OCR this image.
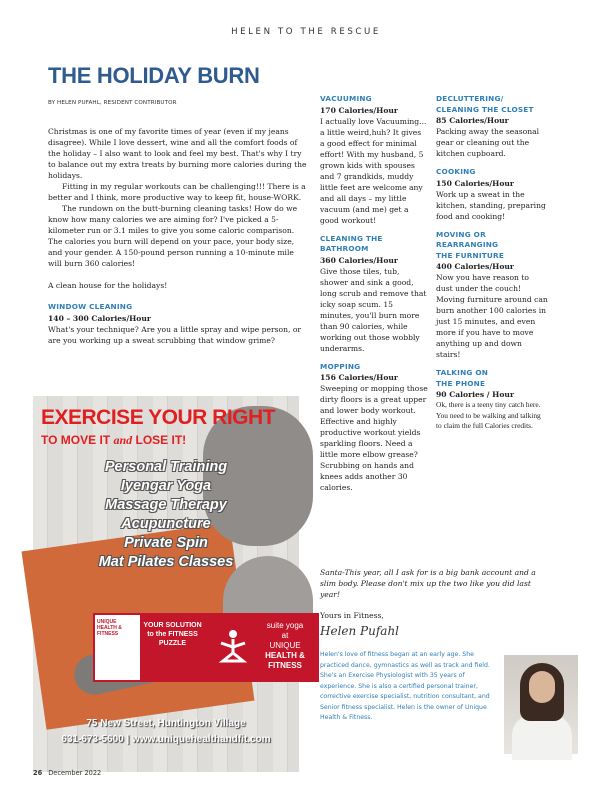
HELEN TO THE RESCUE
THE HOLIDAY BURN
BY HELEN PUFAHL, RESIDENT CONTRIBUTOR

Christmas is one of my favorite times of year (even if my jeans disagree). While I love dessert, wine and all the comfort foods of the holiday – I also want to look and feel my best. That's why I try to balance out my extra treats by burning more calories during the holidays.

Fitting in my regular workouts can be challenging!!! There is a better and I think, more productive way to keep fit, house-WORK.

The rundown on the butt-burning cleaning tasks! How do we know how many calories we are aiming for? I've picked a 5-kilometer run or 3.1 miles to give you some caloric comparison. The calories you burn will depend on your pace, your body size, and your gender. A 150-pound person running a 10-minute mile will burn 360 calories!

A clean house for the holidays!

WINDOW CLEANING
140 – 300 Calories/Hour

What's your technique? Are you a little spray and wipe person, or are you working up a sweat scrubbing that window grime?

VACUUMING
170 Calories/Hour

I actually love Vacuuming... a little weird,huh? It gives a good effect for minimal effort! With my husband, 5 grown kids with spouses and 7 grandkids, muddy little feet are welcome any and all days – my little vacuum (and me) get a good workout!

CLEANING THE
BATHROOM
360 Calories/Hour

Give those tiles, tub, shower and sink a good, long scrub and remove that icky soap scum. 15 minutes, you'll burn more than 90 calories, while working out those wobbly underarms.

MOPPING
156 Calories/Hour

Sweeping or mopping those dirty floors is a great upper and lower body workout. Effective and highly productive workout yields sparkling floors. Need a little more elbow grease? Scrubbing on hands and knees adds another 30 calories.

DECLUTTERING/
CLEANING THE CLOSET
85 Calories/Hour

Packing away the seasonal gear or cleaning out the kitchen cupboard.

COOKING
150 Calories/Hour

Work up a sweat in the kitchen, standing, preparing food and cooking!

MOVING OR
REARRANGING
THE FURNITURE
400 Calories/Hour

Now you have reason to dust under the couch! Moving furniture around can burn another 100 calories in just 15 minutes, and even more if you have to move anything up and down stairs!

TALKING ON
THE PHONE
90 Calories / Hour

Ok, there is a teeny tiny catch here. You need to be walking and talking to claim the full Calories credits.

EXERCISE YOUR RIGHT
TO MOVE IT and LOSE IT!
Personal Training
Iyengar Yoga
Massage Therapy
Acupuncture
Private Spin
Mat Pilates Classes
UNIQUE HEALTH & FITNESS
YOUR SOLUTION to the FITNESS PUZZLE
suite yoga
at
UNIQUE
HEALTH & FITNESS
75 New Street, Huntington Village
631-673-5600 | www.uniquehealthandfit.com
Santa-This year, all I ask for is a big bank account and a slim body. Please don't mix up the two like you did last year!
Yours in Fitness,
Helen Pufahl
Helen's love of fitness began at an early age. She practiced dance, gymnastics as well as track and field. She's an Exercise Physiologist with 35 years of experience. She is also a certified personal trainer, corrective exercise specialist, nutrition consultant, and Senior fitness specialist. Helen is the owner of Unique Health & Fitness.
26 December 2022
